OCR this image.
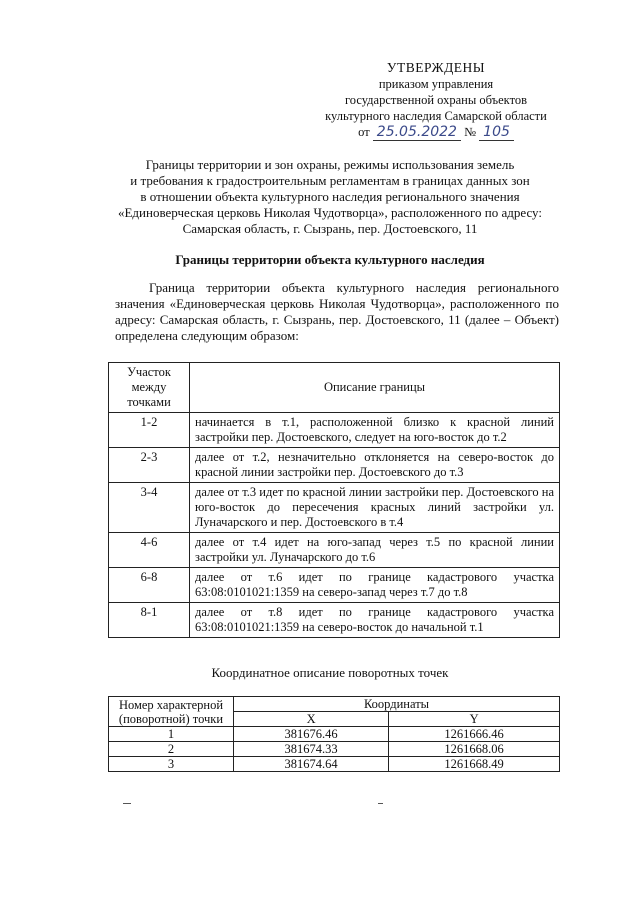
УТВЕРЖДЕНЫ
приказом управления
государственной охраны объектов
культурного наследия Самарской области
от 25.05.2022 № 105
Границы территории и зон охраны, режимы использования земель
и требования к градостроительным регламентам в границах данных зон
в отношении объекта культурного наследия регионального значения
«Единоверческая церковь Николая Чудотворца», расположенного по адресу:
Самарская область, г. Сызрань, пер. Достоевского, 11
Границы территории объекта культурного наследия
Граница территории объекта культурного наследия регионального значения «Единоверческая церковь Николая Чудотворца», расположенного по адресу: Самарская область, г. Сызрань, пер. Достоевского, 11 (далее – Объект) определена следующим образом:
Участок между точками	Описание границы
1-2	начинается в т.1, расположенной близко к красной линий застройки пер. Достоевского, следует на юго-восток до т.2
2-3	далее от т.2, незначительно отклоняется на северо-восток до красной линии застройки пер. Достоевского до т.3
3-4	далее от т.3 идет по красной линии застройки пер. Достоевского на юго-восток до пересечения красных линий застройки ул. Луначарского и пер. Достоевского в т.4
4-6	далее от т.4 идет на юго-запад через т.5 по красной линии застройки ул. Луначарского до т.6
6-8	далее от т.6 идет по границе кадастрового участка 63:08:0101021:1359 на северо-запад через т.7 до т.8
8-1	далее от т.8 идет по границе кадастрового участка 63:08:0101021:1359 на северо-восток до начальной т.1
Координатное описание поворотных точек
Номер характерной
(поворотной) точки	Координаты	
	X	Y
1	381676.46	1261666.46
2	381674.33	1261668.06
3	381674.64	1261668.49
